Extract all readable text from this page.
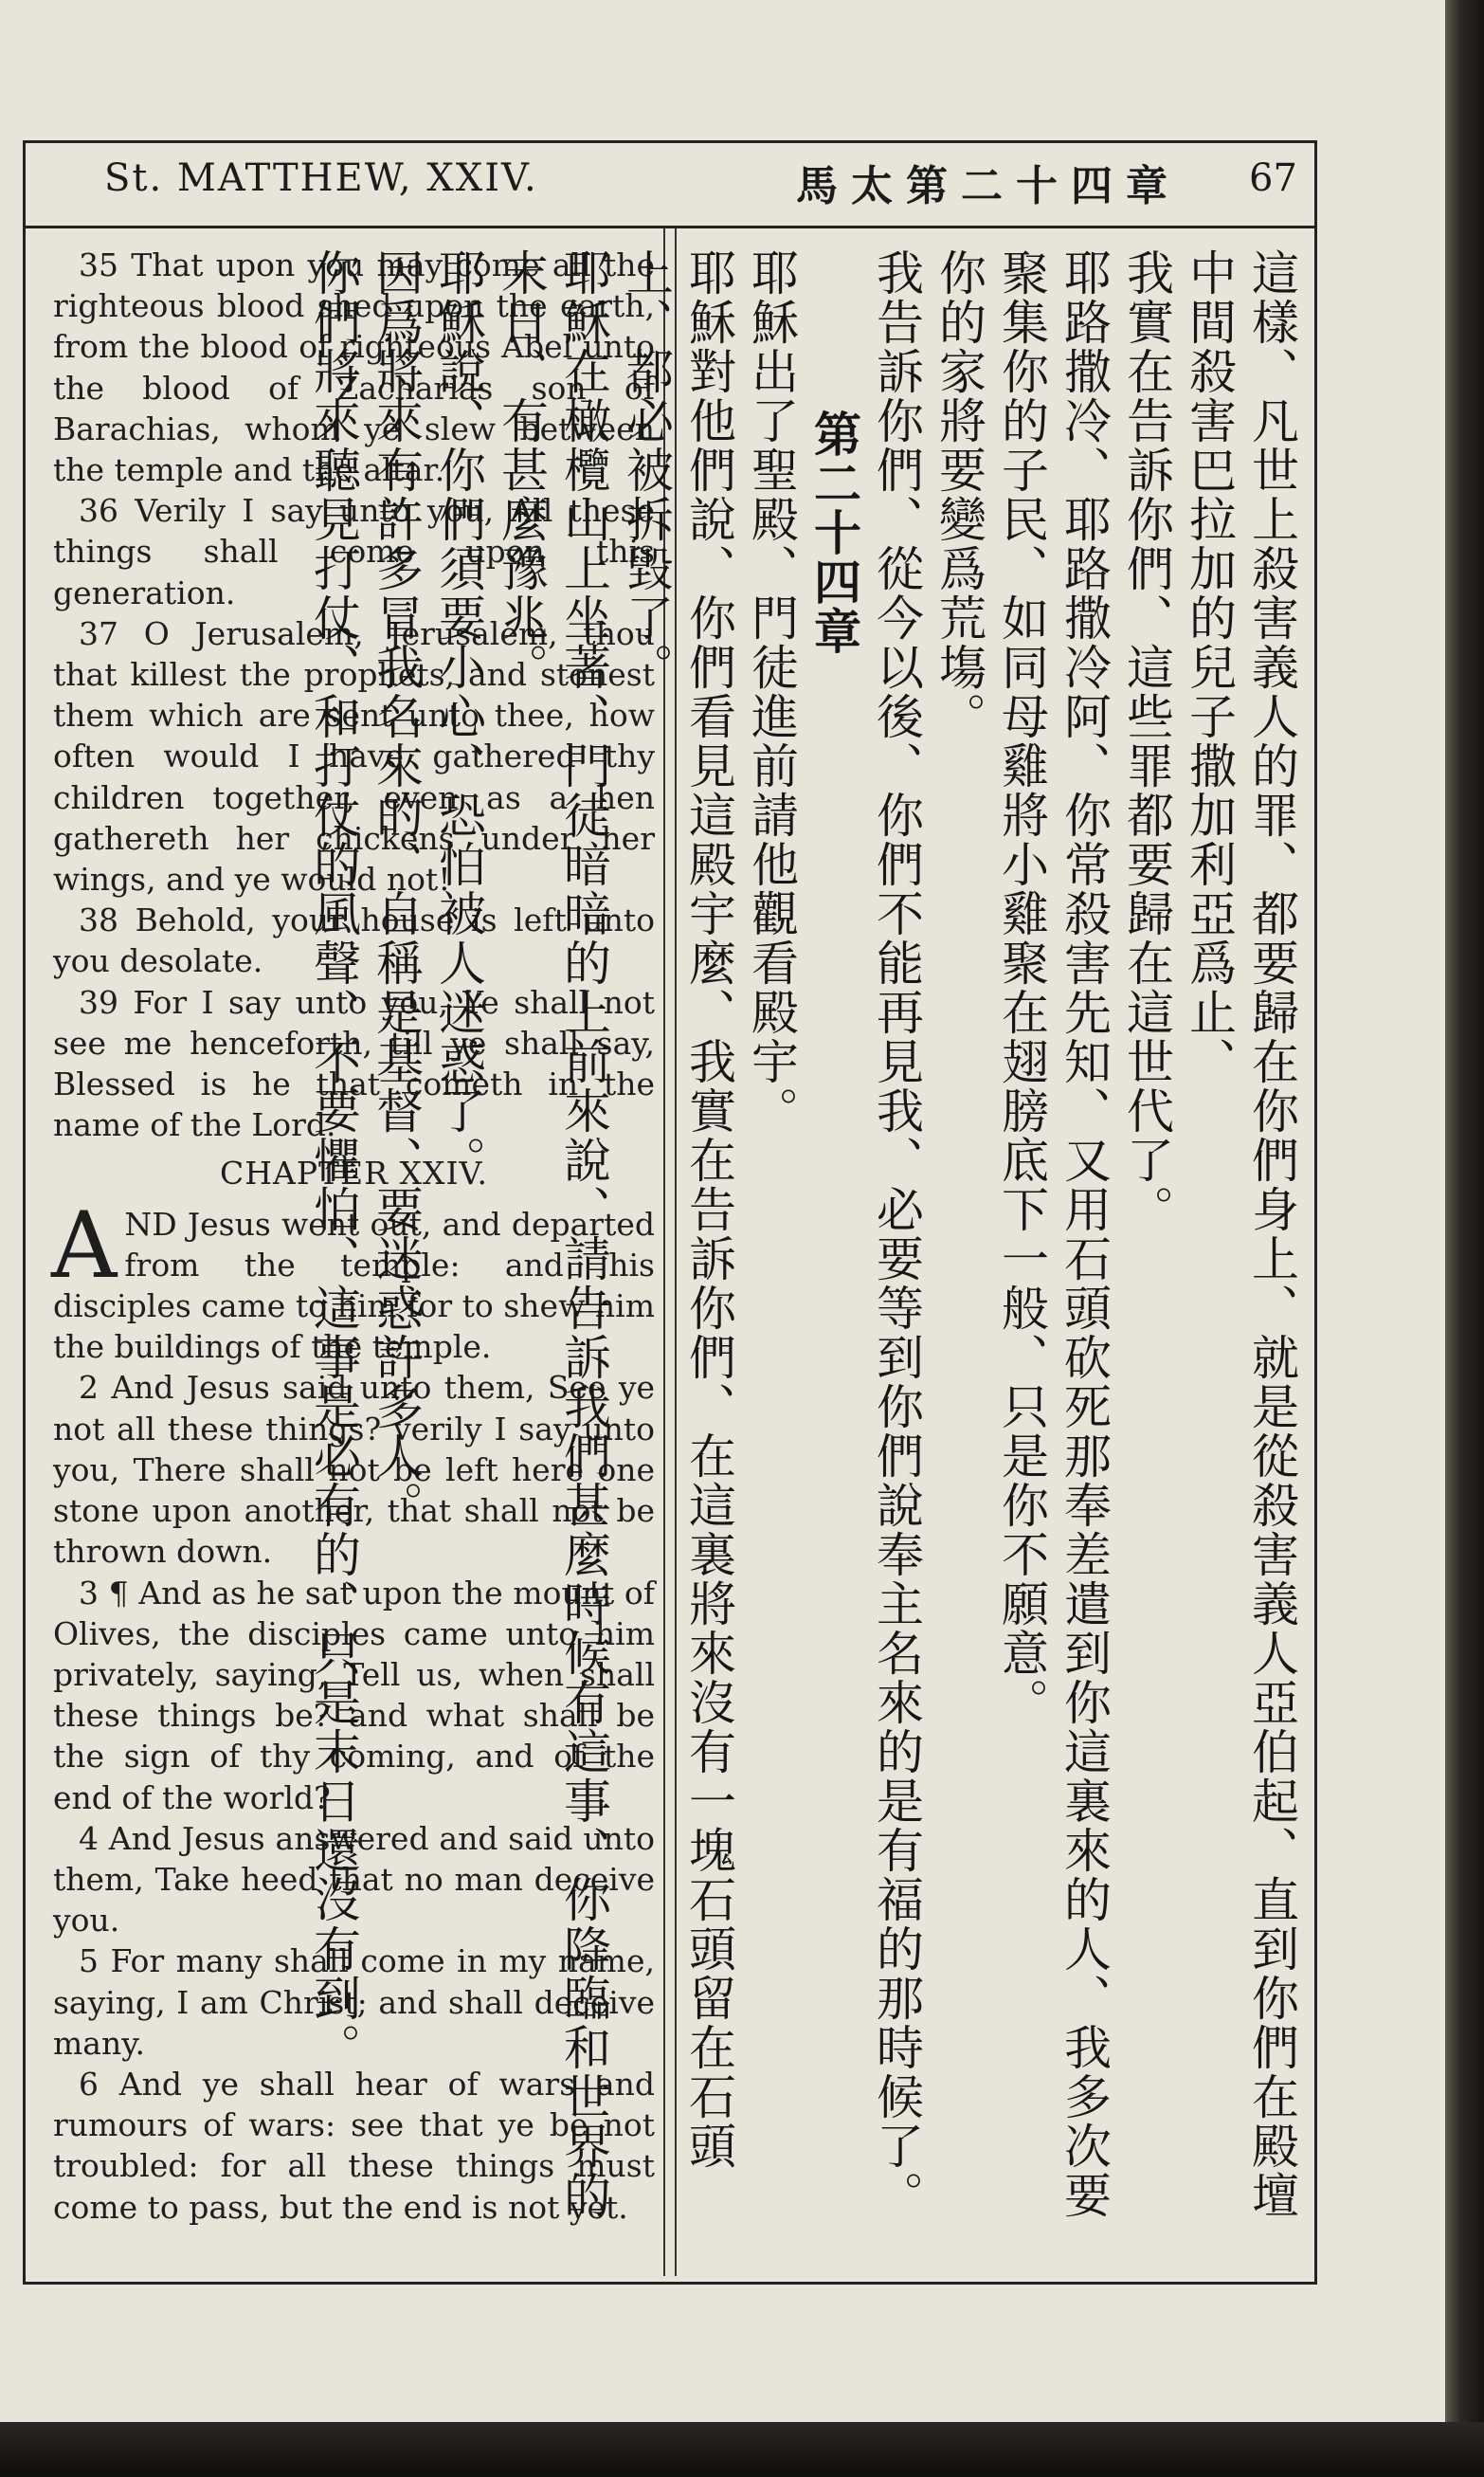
St. MATTHEW, XXIV.	馬太第二十四章 67

35 That upon you may come all the righteous blood shed upon the earth, from the blood of righteous Abel unto the blood of Zacharias son of Barachias, whom ye slew between the temple and the altar.

36 Verily I say unto you, All these things shall come upon this generation.

37 O Jerusalem, Jerusalem, thou that killest the prophets, and stonest them which are sent unto thee, how often would I have gathered thy children together, even as a hen gathereth her chickens under her wings, and ye would not!

38 Behold, your house is left unto you desolate.

39 For I say unto you, Ye shall not see me henceforth, till ye shall say, Blessed is he that cometh in the name of the Lord.

CHAPTER XXIV.

AND Jesus went out, and departed from the temple: and his disciples came to him for to shew him the buildings of the temple.

2 And Jesus said unto them, See ye not all these things? verily I say unto you, There shall not be left here one stone upon another, that shall not be thrown down.

3 ¶ And as he sat upon the mount of Olives, the disciples came unto him privately, saying, Tell us, when shall these things be? and what shall be the sign of thy coming, and of the end of the world?

4 And Jesus answered and said unto them, Take heed that no man deceive you.

5 For many shall come in my name, saying, I am Christ; and shall deceive many.

6 And ye shall hear of wars and rumours of wars: see that ye be not troubled: for all these things must come to pass, but the end is not yet.	這樣、凡世上殺害義人的罪、都要歸在你們身上、就是從殺害義人亞伯起、直到你們在殿壇中間殺害巴拉加的兒子撒加利亞爲止、

我實在告訴你們、這些罪都要歸在這世代了。

耶路撒冷、耶路撒冷阿、你常殺害先知、又用石頭砍死那奉差遣到你這裏來的人、我多次要聚集你的子民、如同母雞將小雞聚在翅膀底下一般、只是你不願意。

你的家將要變爲荒塲。

我告訴你們、從今以後、你們不能再見我、必要等到你們說奉主名來的是有福的那時候了。

第二十四章

耶穌出了聖殿、門徒進前請他觀看殿宇。

耶穌對他們說、你們看見這殿宇麼、我實在告訴你們、在這裏將來沒有一塊石頭留在石頭上、都必被拆毀了。

耶穌在橄欖山上坐著、門徒暗暗的上前來說、請告訴我們甚麼時候有這事、你降臨和世界的末日、有甚麼豫兆。

耶穌說、你們須要小心、恐怕被人迷惑了。

因爲將來有許多冒我名來的、自稱是基督、要迷惑許多人。

你們將來聽見打仗、和打仗的風聲、不要懼怕、這事是必有的、只是末日還沒有到。
